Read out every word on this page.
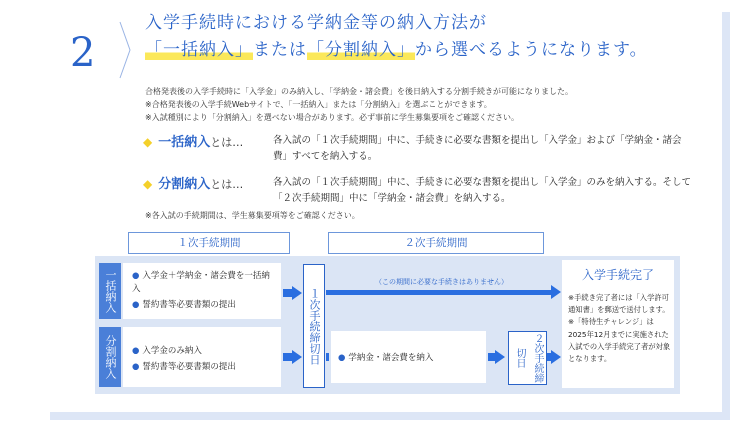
2
入学手続時における学納金等の納入方法が
「一括納入」または「分割納入」から選べるようになります。
合格発表後の入学手続時に「入学金」のみ納入し、「学納金・諸会費」を後日納入する分割手続きが可能になりました。
※合格発表後の入学手続Webサイトで、「一括納入」または「分割納入」を選ぶことができます。
※入試種別により「分割納入」を選べない場合があります。必ず事前に学生募集要項をご確認ください。
◆ 一括納入とは…	各入試の「１次手続期間」中に、手続きに必要な書類を提出し「入学金」および「学納金・諸会費」すべてを納入する。
◆ 分割納入とは…	各入試の「１次手続期間」中に、手続きに必要な書類を提出し「入学金」のみを納入する。そして「２次手続期間」中に「学納金・諸会費」を納入する。
※各入試の手続期間は、学生募集要項等をご確認ください。
１次手続期間	２次手続期間
一括納入
分割納入
● 入学金＋学納金・諸会費を一括納入
● 誓約書等必要書類の提出
● 入学金のみ納入
● 誓約書等必要書類の提出
１次手続締切日
（この期間に必要な手続きはありません）
● 学納金・諸会費を納入	２次手続締切日
入学手続完了
※手続き完了者には「入学許可通知書」を郵送で送付します。
※「特待生チャレンジ」は2025年12月までに実施された入試での入学手続完了者が対象となります。
